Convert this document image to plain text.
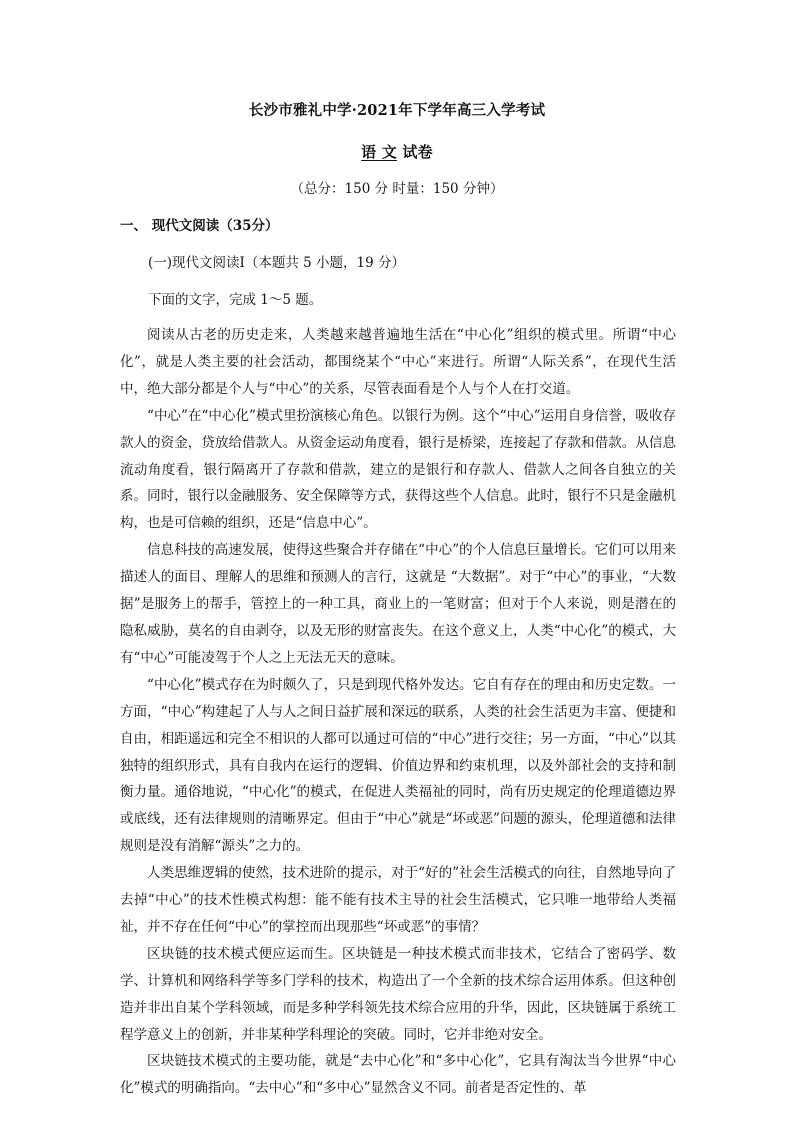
长沙市雅礼中学·2021年下学年高三入学考试
语 文 试卷
（总分：150 分 时量：150 分钟）
一、 现代文阅读（35分）
(一)现代文阅读Ⅰ（本题共 5 小题，19 分）
下面的文字，完成 1～5 题。

阅读从古老的历史走来，人类越来越普遍地生活在“中心化”组织的模式里。所谓“中心化”，就是人类主要的社会活动，都围绕某个“中心”来进行。所谓“人际关系”，在现代生活中，绝大部分都是个人与“中心”的关系，尽管表面看是个人与个人在打交道。

“中心”在“中心化”模式里扮演核心角色。以银行为例。这个“中心”运用自身信誉，吸收存款人的资金，贷放给借款人。从资金运动角度看，银行是桥梁，连接起了存款和借款。从信息流动角度看，银行隔离开了存款和借款，建立的是银行和存款人、借款人之间各自独立的关系。同时，银行以金融服务、安全保障等方式，获得这些个人信息。此时，银行不只是金融机构，也是可信赖的组织，还是“信息中心”。

信息科技的高速发展，使得这些聚合并存储在“中心”的个人信息巨量增长。它们可以用来描述人的面目、理解人的思维和预测人的言行，这就是 “大数据”。对于“中心”的事业，“大数据”是服务上的帮手，管控上的一种工具，商业上的一笔财富；但对于个人来说，则是潜在的隐私威胁，莫名的自由剥夺，以及无形的财富丧失。在这个意义上，人类“中心化”的模式，大有“中心”可能凌驾于个人之上无法无天的意味。

“中心化”模式存在为时颇久了，只是到现代格外发达。它自有存在的理由和历史定数。一方面，“中心”构建起了人与人之间日益扩展和深远的联系，人类的社会生活更为丰富、便捷和自由，相距遥远和完全不相识的人都可以通过可信的“中心”进行交往；另一方面，“中心”以其独特的组织形式，具有自我内在运行的逻辑、价值边界和约束机理，以及外部社会的支持和制衡力量。通俗地说，“中心化”的模式，在促进人类福祉的同时，尚有历史规定的伦理道德边界或底线，还有法律规则的清晰界定。但由于“中心”就是“坏或恶”问题的源头，伦理道德和法律规则是没有消解“源头”之力的。

人类思维逻辑的使然，技术进阶的提示，对于“好的”社会生活模式的向往，自然地导向了去掉“中心”的技术性模式构想：能不能有技术主导的社会生活模式，它只唯一地带给人类福祉，并不存在任何“中心”的掌控而出现那些“坏或恶”的事情？

区块链的技术模式便应运而生。区块链是一种技术模式而非技术，它结合了密码学、数学、计算机和网络科学等多门学科的技术，构造出了一个全新的技术综合运用体系。但这种创造并非出自某个学科领域，而是多种学科领先技术综合应用的升华，因此，区块链属于系统工程学意义上的创新，并非某种学科理论的突破。同时，它并非绝对安全。

区块链技术模式的主要功能，就是“去中心化”和“多中心化”，它具有淘汰当今世界“中心化”模式的明确指向。“去中心”和“多中心”显然含义不同。前者是否定性的、革
